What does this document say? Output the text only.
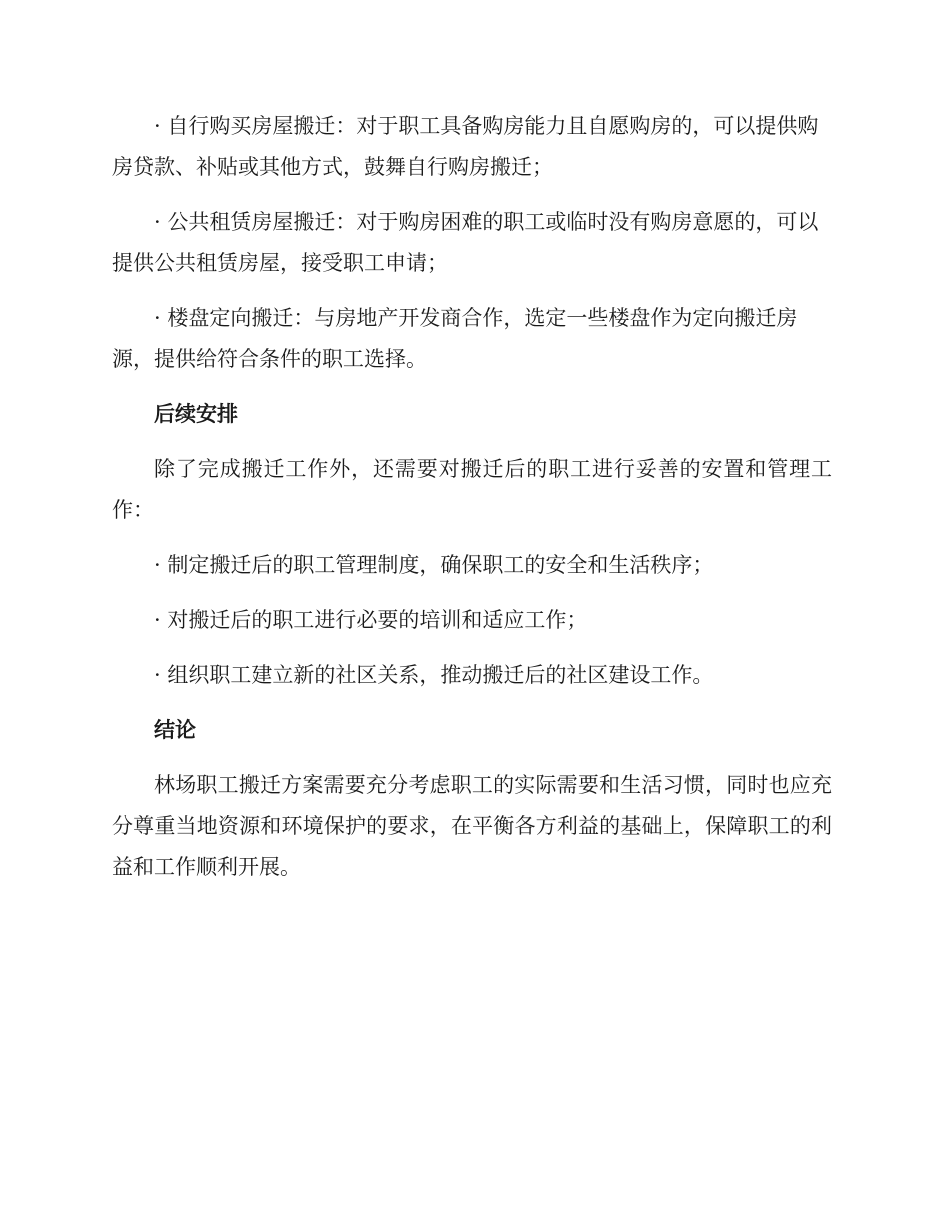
· 自行购买房屋搬迁：对于职工具备购房能力且自愿购房的，可以提供购房贷款、补贴或其他方式，鼓舞自行购房搬迁；

· 公共租赁房屋搬迁：对于购房困难的职工或临时没有购房意愿的，可以提供公共租赁房屋，接受职工申请；

· 楼盘定向搬迁：与房地产开发商合作，选定一些楼盘作为定向搬迁房源，提供给符合条件的职工选择。

后续安排

除了完成搬迁工作外，还需要对搬迁后的职工进行妥善的安置和管理工作：

· 制定搬迁后的职工管理制度，确保职工的安全和生活秩序；

· 对搬迁后的职工进行必要的培训和适应工作；

· 组织职工建立新的社区关系，推动搬迁后的社区建设工作。

结论

林场职工搬迁方案需要充分考虑职工的实际需要和生活习惯，同时也应充分尊重当地资源和环境保护的要求，在平衡各方利益的基础上，保障职工的利益和工作顺利开展。
